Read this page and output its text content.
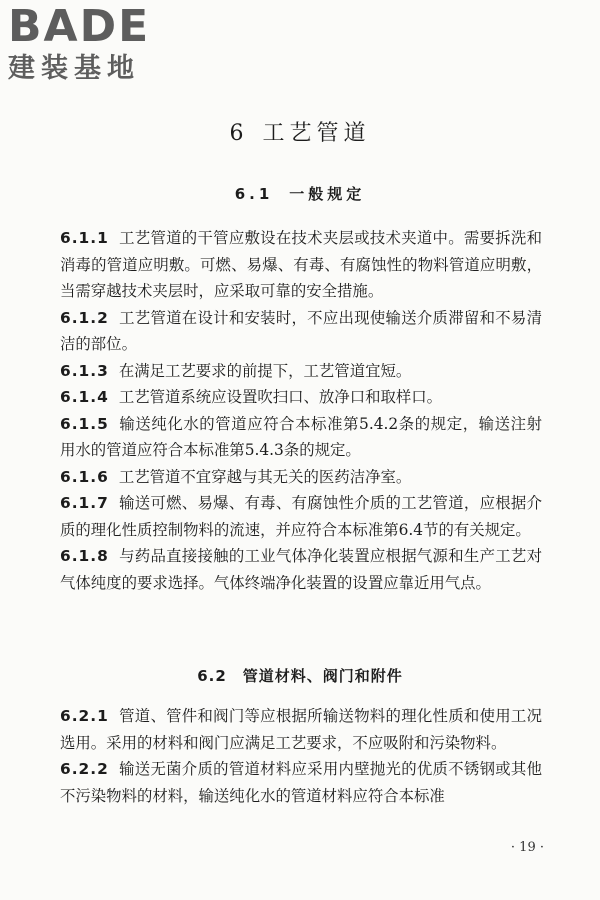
BADE
建装基地
6 工艺管道
6.1 一般规定
6.1.1 工艺管道的干管应敷设在技术夹层或技术夹道中。需要拆洗和消毒的管道应明敷。可燃、易爆、有毒、有腐蚀性的物料管道应明敷，当需穿越技术夹层时，应采取可靠的安全措施。
6.1.2 工艺管道在设计和安装时，不应出现使输送介质滞留和不易清洁的部位。
6.1.3 在满足工艺要求的前提下，工艺管道宜短。
6.1.4 工艺管道系统应设置吹扫口、放净口和取样口。
6.1.5 输送纯化水的管道应符合本标准第5.4.2条的规定，输送注射用水的管道应符合本标准第5.4.3条的规定。
6.1.6 工艺管道不宜穿越与其无关的医药洁净室。
6.1.7 输送可燃、易爆、有毒、有腐蚀性介质的工艺管道，应根据介质的理化性质控制物料的流速，并应符合本标准第6.4节的有关规定。
6.1.8 与药品直接接触的工业气体净化装置应根据气源和生产工艺对气体纯度的要求选择。气体终端净化装置的设置应靠近用气点。
6.2 管道材料、阀门和附件
6.2.1 管道、管件和阀门等应根据所输送物料的理化性质和使用工况选用。采用的材料和阀门应满足工艺要求，不应吸附和污染物料。
6.2.2 输送无菌介质的管道材料应采用内壁抛光的优质不锈钢或其他不污染物料的材料，输送纯化水的管道材料应符合本标准
· 19 ·
